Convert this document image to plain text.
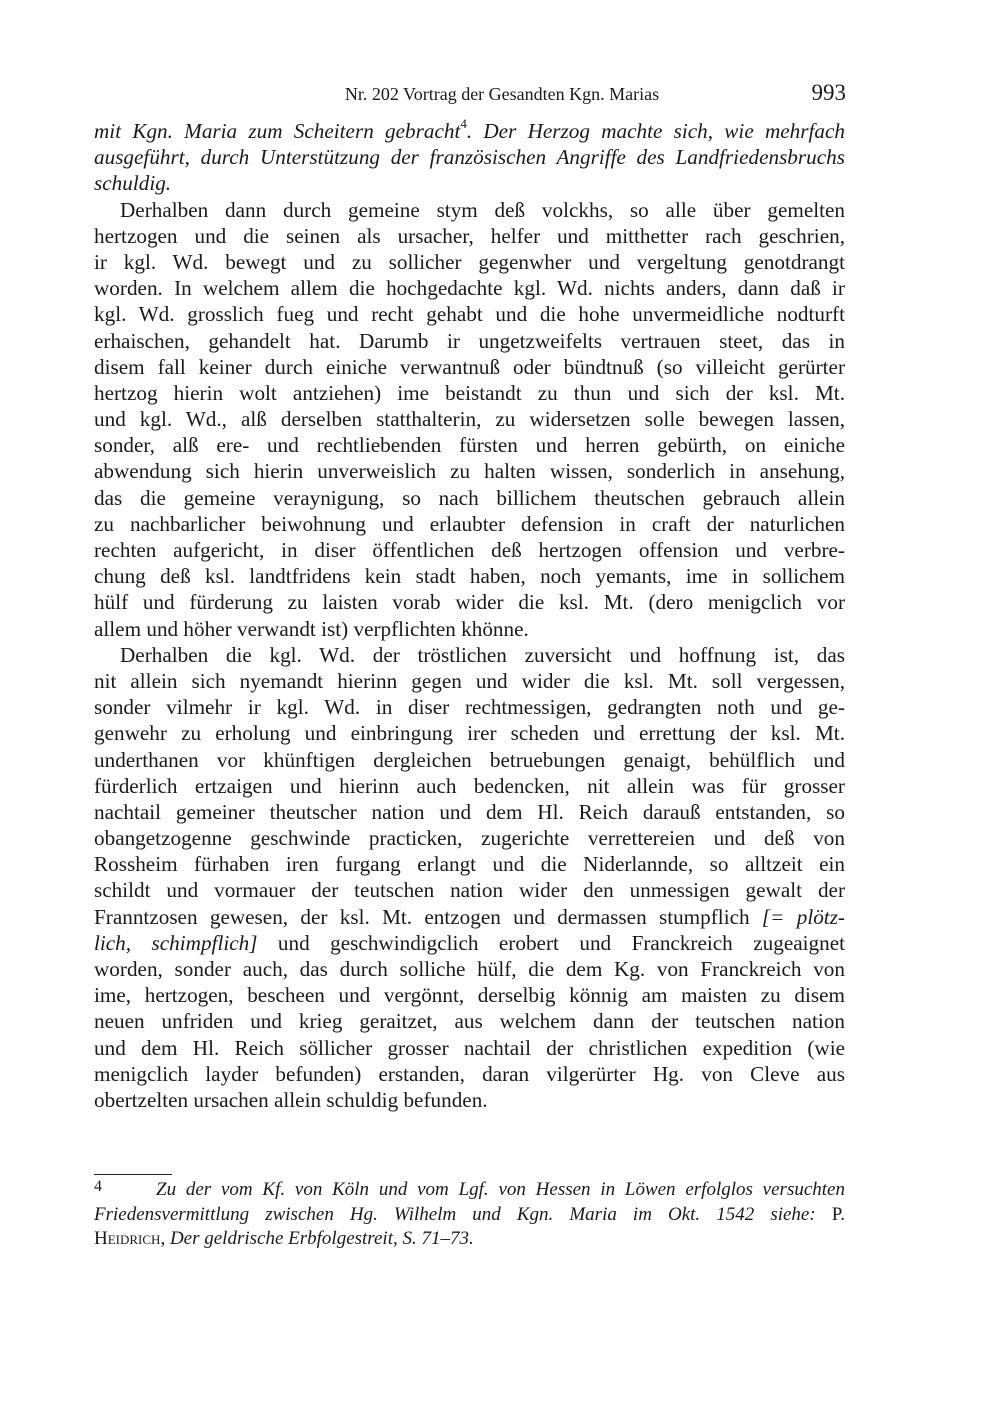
Nr. 202 Vortrag der Gesandten Kgn. Marias	993
mit Kgn. Maria zum Scheitern gebracht$^4$. Der Herzog machte sich, wie mehrfach
ausgeführt, durch Unterstützung der französischen Angriffe des Landfriedensbruchs
schuldig.
Derhalben dann durch gemeine stym deß volckhs, so alle über gemelten
hertzogen und die seinen als ursacher, helfer und mitthetter rach geschrien,
ir kgl. Wd. bewegt und zu sollicher gegenwher und vergeltung genotdrangt
worden. In welchem allem die hochgedachte kgl. Wd. nichts anders, dann daß ir
kgl. Wd. grosslich fueg und recht gehabt und die hohe unvermeidliche nodturft
erhaischen, gehandelt hat. Darumb ir ungetzweifelts vertrauen steet, das in
disem fall keiner durch einiche verwantnuß oder bündtnuß (so villeicht gerürter
hertzog hierin wolt antziehen) ime beistandt zu thun und sich der ksl. Mt.
und kgl. Wd., alß derselben statthalterin, zu widersetzen solle bewegen lassen,
sonder, alß ere- und rechtliebenden fürsten und herren gebürth, on einiche
abwendung sich hierin unverweislich zu halten wissen, sonderlich in ansehung,
das die gemeine veraynigung, so nach billichem theutschen gebrauch allein
zu nachbarlicher beiwohnung und erlaubter defension in craft der naturlichen
rechten aufgericht, in diser öffentlichen deß hertzogen offension und verbre-
chung deß ksl. landtfridens kein stadt haben, noch yemants, ime in sollichem
hülf und fürderung zu laisten vorab wider die ksl. Mt. (dero menigclich vor
allem und höher verwandt ist) verpflichten khönne.
Derhalben die kgl. Wd. der tröstlichen zuversicht und hoffnung ist, das
nit allein sich nyemandt hierinn gegen und wider die ksl. Mt. soll vergessen,
sonder vilmehr ir kgl. Wd. in diser rechtmessigen, gedrangten noth und ge-
genwehr zu erholung und einbringung irer scheden und errettung der ksl. Mt.
underthanen vor khünftigen dergleichen betruebungen genaigt, behülflich und
fürderlich ertzaigen und hierinn auch bedencken, nit allein was für grosser
nachtail gemeiner theutscher nation und dem Hl. Reich darauß entstanden, so
obangetzogenne geschwinde practicken, zugerichte verrettereien und deß von
Rossheim fürhaben iren furgang erlangt und die Niderlannde, so alltzeit ein
schildt und vormauer der teutschen nation wider den unmessigen gewalt der
Franntzosen gewesen, der ksl. Mt. entzogen und dermassen stumpflich [= plötz-
lich, schimpflich] und geschwindigclich erobert und Franckreich zugeaignet
worden, sonder auch, das durch solliche hülf, die dem Kg. von Franckreich von
ime, hertzogen, bescheen und vergönnt, derselbig könnig am maisten zu disem
neuen unfriden und krieg geraitzet, aus welchem dann der teutschen nation
und dem Hl. Reich söllicher grosser nachtail der christlichen expedition (wie
menigclich layder befunden) erstanden, daran vilgerürter Hg. von Cleve aus
obertzelten ursachen allein schuldig befunden.
4	Zu der vom Kf. von Köln und vom Lgf. von Hessen in Löwen erfolglos versuchten
Friedensvermittlung zwischen Hg. Wilhelm und Kgn. Maria im Okt. 1542 siehe: P.
Heidrich, Der geldrische Erbfolgestreit, S. 71–73.
